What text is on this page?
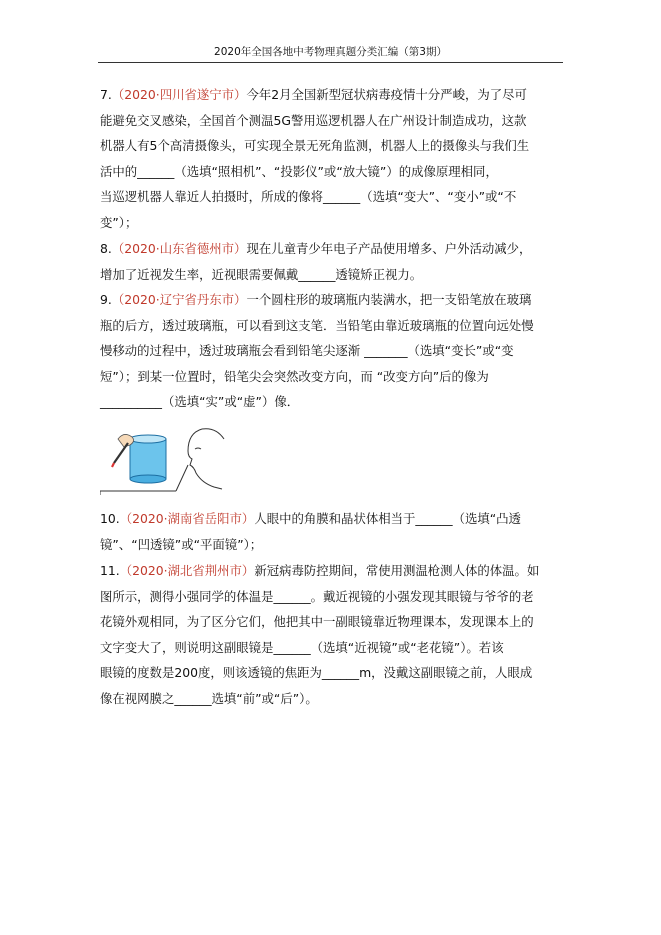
2020年全国各地中考物理真题分类汇编（第3期）
7.（2020·四川省遂宁市）今年2月全国新型冠状病毒疫情十分严峻，为了尽可
能避免交叉感染，全国首个测温5G警用巡逻机器人在广州设计制造成功，这款
机器人有5个高清摄像头，可实现全景无死角监测，机器人上的摄像头与我们生
活中的______（选填“照相机”、“投影仪”或“放大镜”）的成像原理相同，
当巡逻机器人靠近人拍摄时，所成的像将______（选填“变大”、“变小”或“不
变”）；
8.（2020·山东省德州市）现在儿童青少年电子产品使用增多、户外活动减少，
增加了近视发生率，近视眼需要佩戴______透镜矫正视力。
9.（2020·辽宁省丹东市）一个圆柱形的玻璃瓶内装满水，把一支铅笔放在玻璃
瓶的后方，透过玻璃瓶，可以看到这支笔．当铅笔由靠近玻璃瓶的位置向远处慢
慢移动的过程中，透过玻璃瓶会看到铅笔尖逐渐 _______（选填“变长”或“变
短”）；到某一位置时，铅笔尖会突然改变方向，而 “改变方向”后的像为
__________（选填“实”或“虚”）像．
10.（2020·湖南省岳阳市）人眼中的角膜和晶状体相当于______（选填“凸透
镜”、“凹透镜”或“平面镜”）；
11.（2020·湖北省荆州市）新冠病毒防控期间，常使用测温枪测人体的体温。如
图所示，测得小强同学的体温是______。戴近视镜的小强发现其眼镜与爷爷的老
花镜外观相同，为了区分它们，他把其中一副眼镜靠近物理课本，发现课本上的
文字变大了，则说明这副眼镜是______（选填“近视镜”或“老花镜”）。若该
眼镜的度数是200度，则该透镜的焦距为______m，没戴这副眼镜之前，人眼成
像在视网膜之______选填“前”或“后”）。
